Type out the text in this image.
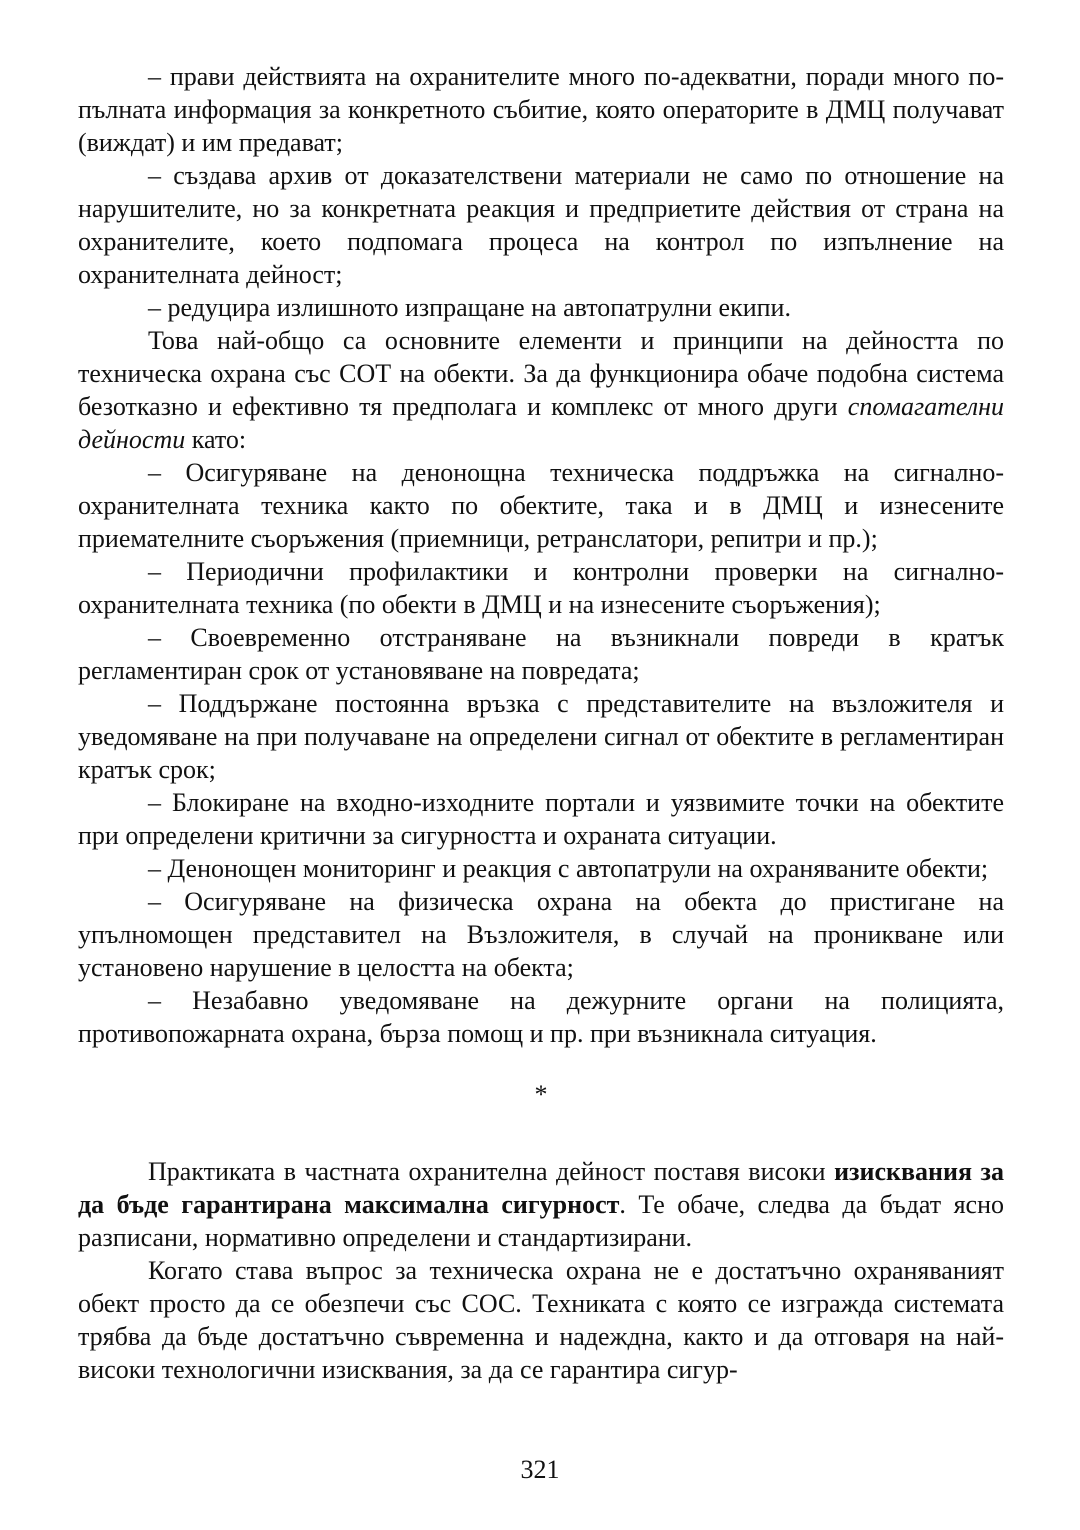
– прави действията на охранителите много по-адекватни, поради много по-пълната информация за конкретното събитие, която операторите в ДМЦ получават (виждат) и им предават;

– създава архив от доказателствени материали не само по отношение на нарушителите, но за конкретната реакция и предприетите действия от страна на охранителите, което подпомага процеса на контрол по изпълнение на охранителната дейност;

– редуцира излишното изпращане на автопатрулни екипи.

Това най-общо са основните елементи и принципи на дейността по техническа охрана със СОТ на обекти. За да функционира обаче подобна система безотказно и ефективно тя предполага и комплекс от много други спомагателни дейности като:

– Осигуряване на денонощна техническа поддръжка на сигнално-охранителната техника както по обектите, така и в ДМЦ и изнесените приемателните съоръжения (приемници, ретранслатори, репитри и пр.);

– Периодични профилактики и контролни проверки на сигнално-охранителната техника (по обекти в ДМЦ и на изнесените съоръжения);

– Своевременно отстраняване на възникнали повреди в кратък регламентиран срок от установяване на повредата;

– Поддържане постоянна връзка с представителите на възложителя и уведомяване на при получаване на определени сигнал от обектите в регламентиран кратък срок;

– Блокиране на входно-изходните портали и уязвимите точки на обектите при определени критични за сигурността и охраната ситуации.

– Денонощен мониторинг и реакция с автопатрули на охраняваните обекти;

– Осигуряване на физическа охрана на обекта до пристигане на упълномощен представител на Възложителя, в случай на проникване или установено нарушение в целостта на обекта;

– Незабавно уведомяване на дежурните органи на полицията, противопожарната охрана, бърза помощ и пр. при възникнала ситуация.

*

Практиката в частната охранителна дейност поставя високи изисквания за да бъде гарантирана максимална сигурност. Те обаче, следва да бъдат ясно разписани, нормативно определени и стандартизирани.

Когато става въпрос за техническа охрана не е достатъчно охраняваният обект просто да се обезпечи със СОС. Техниката с която се изгражда системата трябва да бъде достатъчно съвременна и надеждна, както и да отговаря на най-високи технологични изисквания, за да се гарантира сигур-

321
